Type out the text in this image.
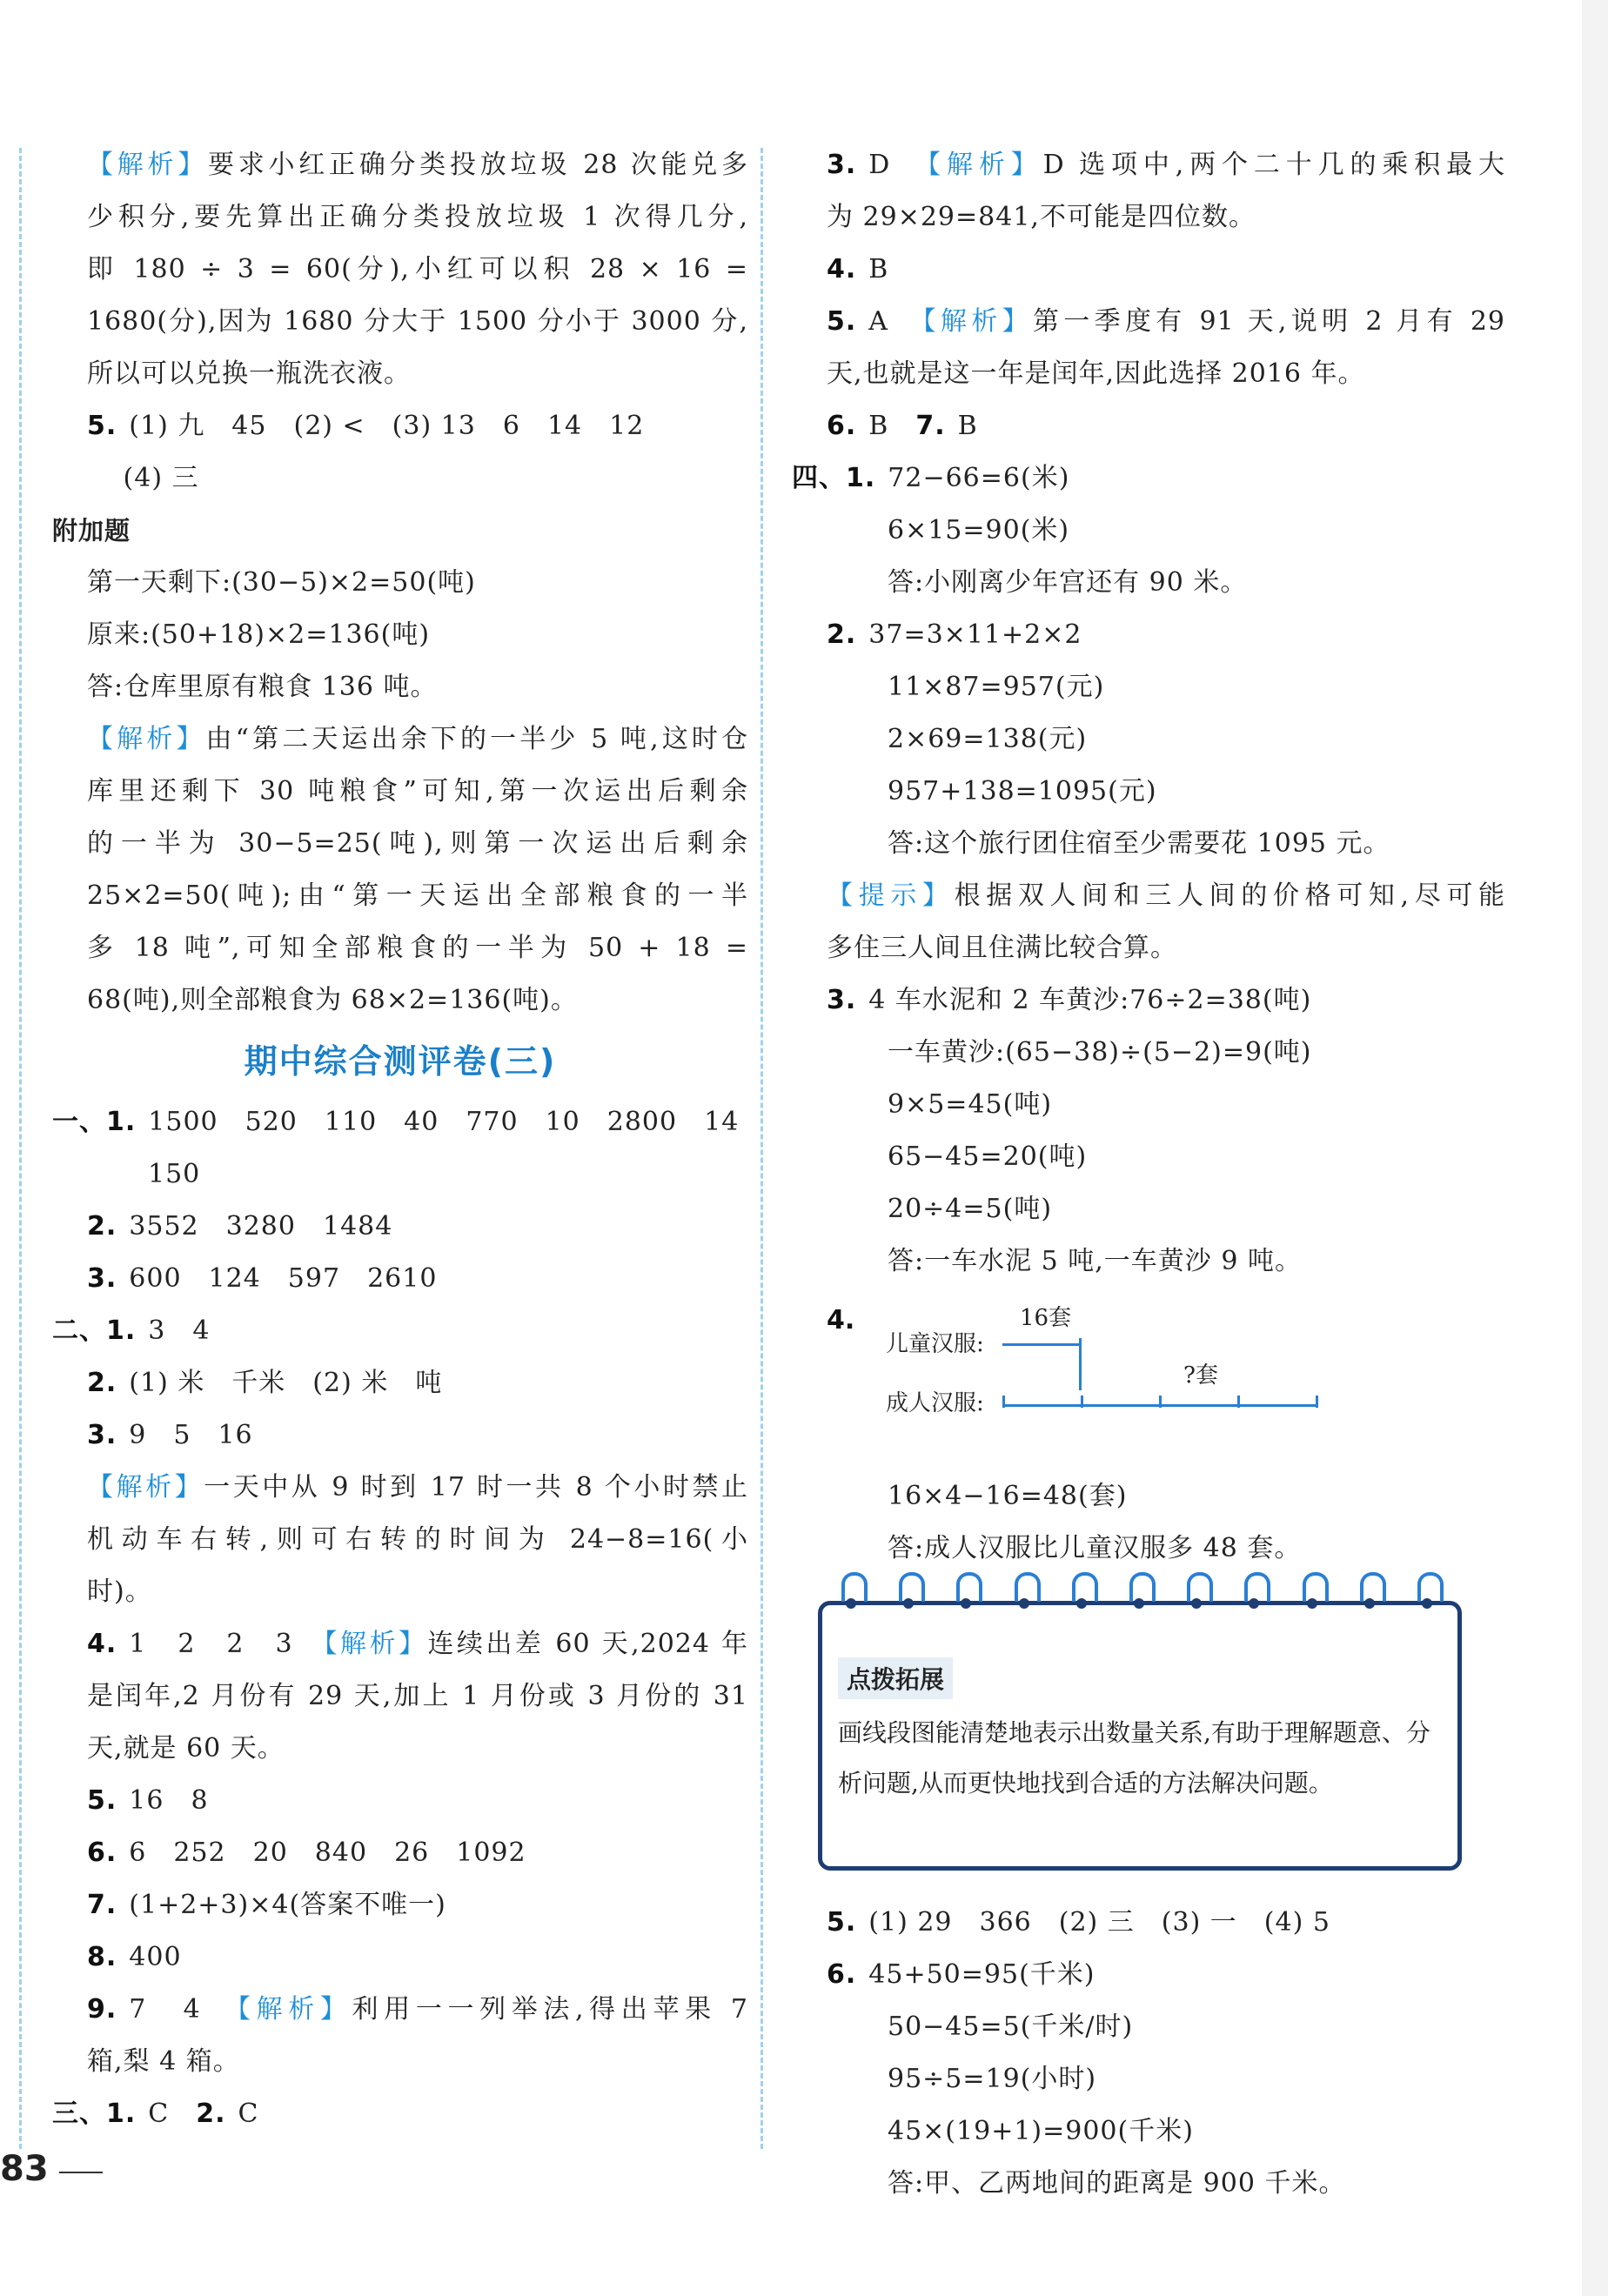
【解析】要求小红正确分类投放垃圾 28 次能兑多
少积分,要先算出正确分类投放垃圾 1 次得几分,
即 180 ÷ 3 = 60(分),小红可以积 28 × 16 =
1680(分),因为 1680 分大于 1500 分小于 3000 分,
所以可以兑换一瓶洗衣液。
5. (1) 九　45　(2) <　(3) 13　6　14　12
　 (4) 三
附加题
第一天剩下:(30−5)×2=50(吨)
原来:(50+18)×2=136(吨)
答:仓库里原有粮食 136 吨。
【解析】由“第二天运出余下的一半少 5 吨,这时仓
库里还剩下 30 吨粮食”可知,第一次运出后剩余
的一半为 30−5=25(吨),则第一次运出后剩余
25×2=50(吨);由“第一天运出全部粮食的一半
多 18 吨”,可知全部粮食的一半为 50 + 18 =
68(吨),则全部粮食为 68×2=136(吨)。
期中综合测评卷(三)
一、1. 1500　520　110　40　770　10　2800　14
150
2. 3552　3280　1484
3. 600　124　597　2610
二、1. 3　4
2. (1) 米　千米　(2) 米　吨
3. 9　5　16
【解析】一天中从 9 时到 17 时一共 8 个小时禁止
机动车右转,则可右转的时间为 24−8=16(小
时)。
4. 1　2　2　3　【解析】连续出差 60 天,2024 年
是闰年,2 月份有 29 天,加上 1 月份或 3 月份的 31
天,就是 60 天。
5. 16　8
6. 6　252　20　840　26　1092
7. (1+2+3)×4(答案不唯一)
8. 400
9. 7　4　【解析】利用一一列举法,得出苹果 7
箱,梨 4 箱。
三、1. C　2. C
3. D　【解析】D 选项中,两个二十几的乘积最大
为 29×29=841,不可能是四位数。
4. B
5. A　【解析】第一季度有 91 天,说明 2 月有 29
天,也就是这一年是闰年,因此选择 2016 年。
6. B　7. B
四、1. 72−66=6(米)
6×15=90(米)
答:小刚离少年宫还有 90 米。
2. 37=3×11+2×2
11×87=957(元)
2×69=138(元)
957+138=1095(元)
答:这个旅行团住宿至少需要花 1095 元。
【提示】根据双人间和三人间的价格可知,尽可能
多住三人间且住满比较合算。
3. 4 车水泥和 2 车黄沙:76÷2=38(吨)
一车黄沙:(65−38)÷(5−2)=9(吨)
9×5=45(吨)
65−45=20(吨)
20÷4=5(吨)
答:一车水泥 5 吨,一车黄沙 9 吨。
4.
儿童汉服:
16套
?套
成人汉服:
16×4−16=48(套)
答:成人汉服比儿童汉服多 48 套。
点拨拓展
画线段图能清楚地表示出数量关系,有助于理解题意、分析问题,从而更快地找到合适的方法解决问题。
5. (1) 29　366　(2) 三　(3) 一　(4) 5
6. 45+50=95(千米)
50−45=5(千米/时)
95÷5=19(小时)
45×(19+1)=900(千米)
答:甲、乙两地间的距离是 900 千米。
83
